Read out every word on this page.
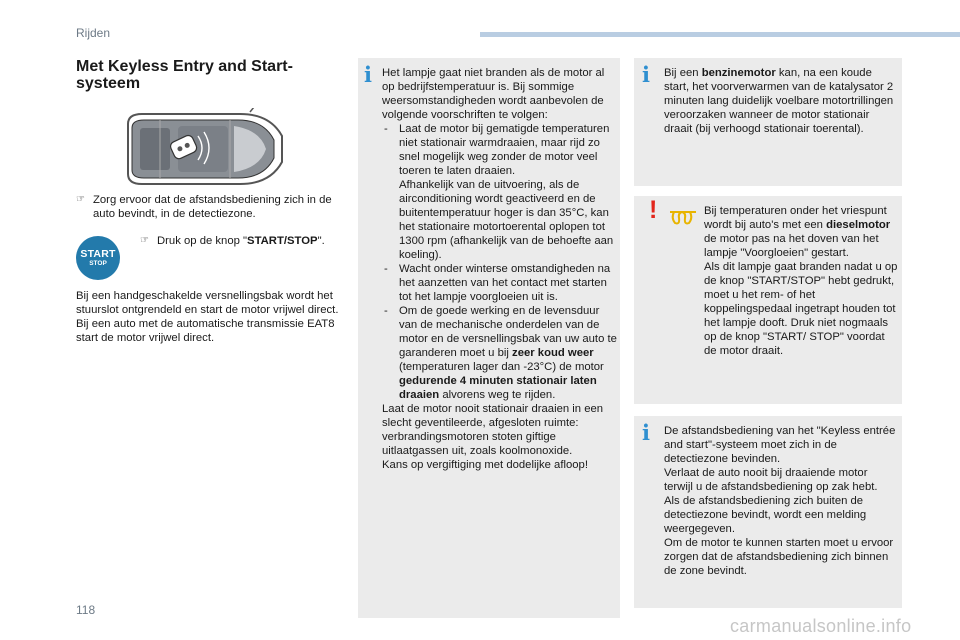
Rijden
Met Keyless Entry and Start-
systeem
☞ Zorg ervoor dat de afstandsbediening zich in de auto bevindt, in de detectiezone.
START
STOP
☞ Druk op de knop "START/STOP".

Bij een handgeschakelde versnellingsbak wordt het stuurslot ontgrendeld en start de motor vrijwel direct.

Bij een auto met de automatische transmissie EAT8 start de motor vrijwel direct.

i Het lampje gaat niet branden als de motor al op bedrijfstemperatuur is. Bij sommige weersomstandigheden wordt aanbevolen de volgende voorschriften te volgen:

- Laat de motor bij gematigde temperaturen niet stationair warmdraaien, maar rijd zo snel mogelijk weg zonder de motor veel toeren te laten draaien.

Afhankelijk van de uitvoering, als de airconditioning wordt geactiveerd en de buitentemperatuur hoger is dan 35°C, kan het stationaire motortoerental oplopen tot 1300 rpm (afhankelijk van de behoefte aan koeling).

- Wacht onder winterse omstandigheden na het aanzetten van het contact met starten tot het lampje voorgloeien uit is.

- Om de goede werking en de levensduur van de mechanische onderdelen van de motor en de versnellingsbak van uw auto te garanderen moet u bij zeer koud weer (temperaturen lager dan -23°C) de motor gedurende 4 minuten stationair laten draaien alvorens weg te rijden.

Laat de motor nooit stationair draaien in een slecht geventileerde, afgesloten ruimte: verbrandingsmotoren stoten giftige uitlaatgassen uit, zoals koolmonoxide.

Kans op vergiftiging met dodelijke afloop!

i Bij een benzinemotor kan, na een koude start, het voorverwarmen van de katalysator 2 minuten lang duidelijk voelbare motortrillingen veroorzaken wanneer de motor stationair draait (bij verhoogd stationair toerental).

!	Bij temperaturen onder het vriespunt wordt bij auto's met een dieselmotor de motor pas na het doven van het lampje "Voorgloeien" gestart.

Als dit lampje gaat branden nadat u op de knop "START/STOP" hebt gedrukt, moet u het rem- of het koppelingspedaal ingetrapt houden tot het lampje dooft. Druk niet nogmaals op de knop "START/ STOP" voordat de motor draait.

i De afstandsbediening van het "Keyless entrée and start"-systeem moet zich in de detectiezone bevinden.

Verlaat de auto nooit bij draaiende motor terwijl u de afstandsbediening op zak hebt.

Als de afstandsbediening zich buiten de detectiezone bevindt, wordt een melding weergegeven.

Om de motor te kunnen starten moet u ervoor zorgen dat de afstandsbediening zich binnen de zone bevindt.

118
carmanualsonline.info
